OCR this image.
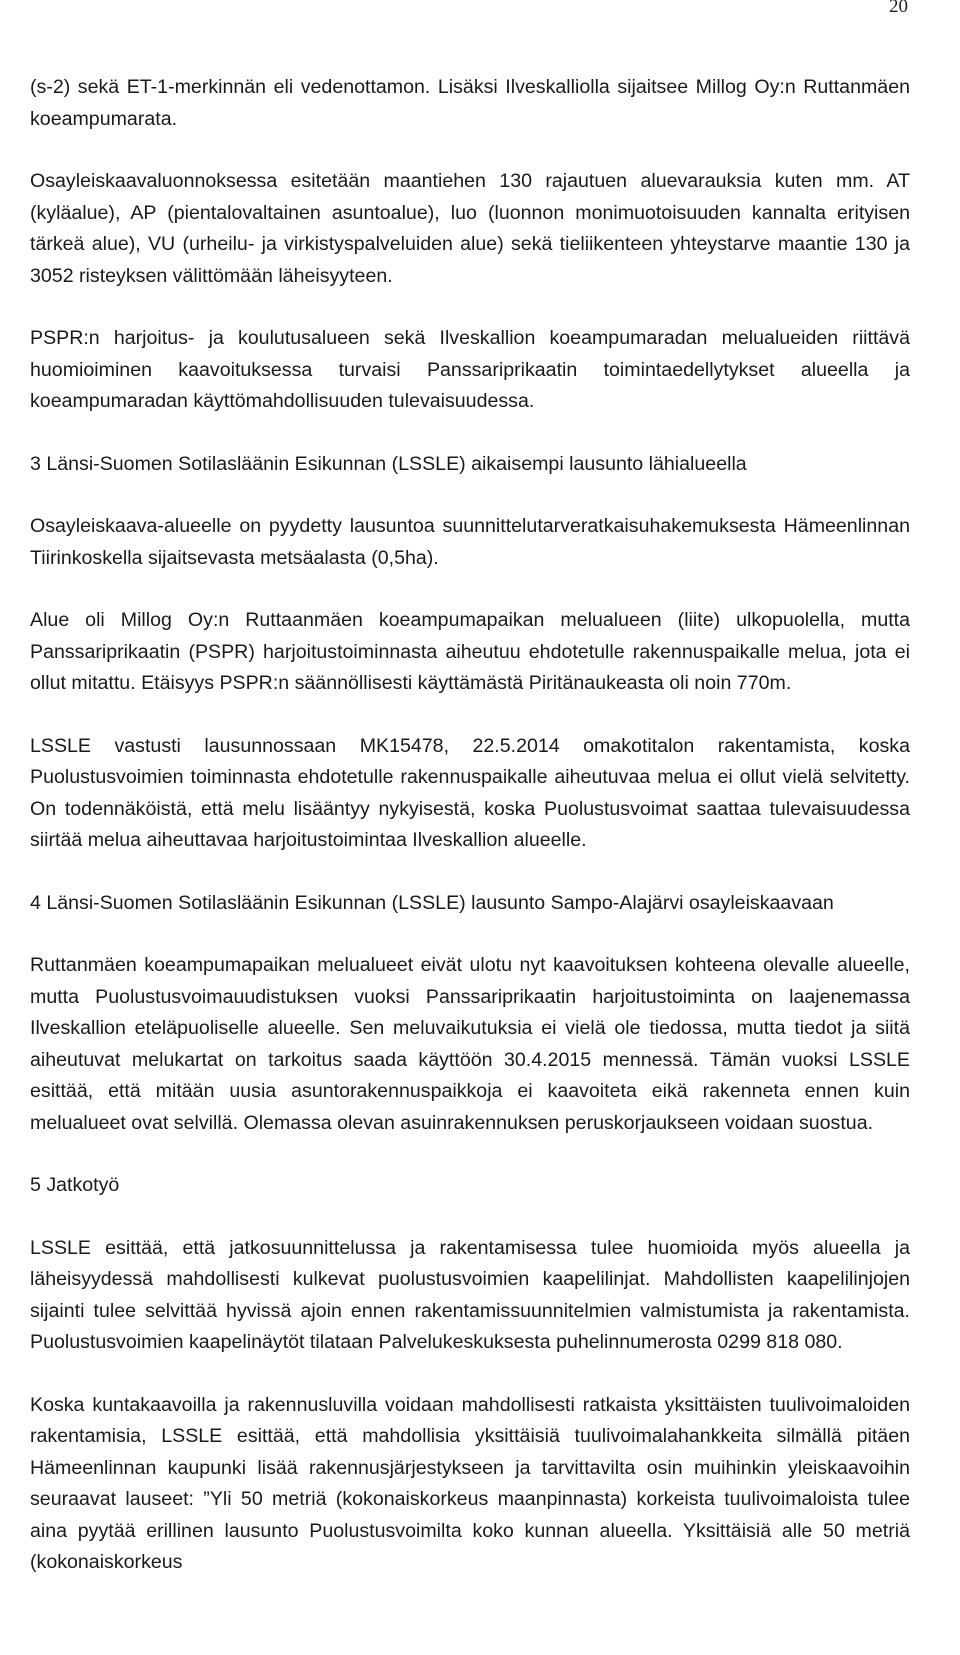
20

(s-2) sekä ET-1-merkinnän eli vedenottamon. Lisäksi Ilveskalliolla sijaitsee Millog Oy:n Ruttanmäen koeampumarata.

Osayleiskaavaluonnoksessa esitetään maantiehen 130 rajautuen aluevarauksia kuten mm. AT (kyläalue), AP (pientalovaltainen asuntoalue), luo (luonnon monimuotoisuuden kannalta erityisen tärkeä alue), VU (urheilu- ja virkistyspalveluiden alue) sekä tieliikenteen yhteystarve maantie 130 ja 3052 risteyksen välittömään läheisyyteen.

PSPR:n harjoitus- ja koulutusalueen sekä Ilveskallion koeampumaradan melualueiden riittävä huomioiminen kaavoituksessa turvaisi Panssariprikaatin toimintaedellytykset alueella ja koeampumaradan käyttömahdollisuuden tulevaisuudessa.

3 Länsi-Suomen Sotilasläänin Esikunnan (LSSLE) aikaisempi lausunto lähialueella

Osayleiskaava-alueelle on pyydetty lausuntoa suunnittelutarveratkaisuhakemuksesta Hämeenlinnan Tiirinkoskella sijaitsevasta metsäalasta (0,5ha).

Alue oli Millog Oy:n Ruttaanmäen koeampumapaikan melualueen (liite) ulkopuolella, mutta Panssariprikaatin (PSPR) harjoitustoiminnasta aiheutuu ehdotetulle rakennuspaikalle melua, jota ei ollut mitattu. Etäisyys PSPR:n säännöllisesti käyttämästä Piritänaukeasta oli noin 770m.

LSSLE vastusti lausunnossaan MK15478, 22.5.2014 omakotitalon rakentamista, koska Puolustusvoimien toiminnasta ehdotetulle rakennuspaikalle aiheutuvaa melua ei ollut vielä selvitetty. On todennäköistä, että melu lisääntyy nykyisestä, koska Puolustusvoimat saattaa tulevaisuudessa siirtää melua aiheuttavaa harjoitustoimintaa Ilveskallion alueelle.

4 Länsi-Suomen Sotilasläänin Esikunnan (LSSLE) lausunto Sampo-Alajärvi osayleiskaavaan

Ruttanmäen koeampumapaikan melualueet eivät ulotu nyt kaavoituksen kohteena olevalle alueelle, mutta Puolustusvoimauudistuksen vuoksi Panssariprikaatin harjoitustoiminta on laajenemassa Ilveskallion eteläpuoliselle alueelle. Sen meluvaikutuksia ei vielä ole tiedossa, mutta tiedot ja siitä aiheutuvat melukartat on tarkoitus saada käyttöön 30.4.2015 mennessä. Tämän vuoksi LSSLE esittää, että mitään uusia asuntorakennuspaikkoja ei kaavoiteta eikä rakenneta ennen kuin melualueet ovat selvillä. Olemassa olevan asuinrakennuksen peruskorjaukseen voidaan suostua.

5 Jatkotyö

LSSLE esittää, että jatkosuunnittelussa ja rakentamisessa tulee huomioida myös alueella ja läheisyydessä mahdollisesti kulkevat puolustusvoimien kaapelilinjat. Mahdollisten kaapelilinjojen sijainti tulee selvittää hyvissä ajoin ennen rakentamissuunnitelmien valmistumista ja rakentamista. Puolustusvoimien kaapelinäytöt tilataan Palvelukeskuksesta puhelinnumerosta 0299 818 080.

Koska kuntakaavoilla ja rakennusluvilla voidaan mahdollisesti ratkaista yksittäisten tuulivoimaloiden rakentamisia, LSSLE esittää, että mahdollisia yksittäisiä tuulivoimalahankkeita silmällä pitäen Hämeenlinnan kaupunki lisää rakennusjärjestykseen ja tarvittavilta osin muihinkin yleiskaavoihin seuraavat lauseet: ”Yli 50 metriä (kokonaiskorkeus maanpinnasta) korkeista tuulivoimaloista tulee aina pyytää erillinen lausunto Puolustusvoimilta koko kunnan alueella. Yksittäisiä alle 50 metriä (kokonaiskorkeus
